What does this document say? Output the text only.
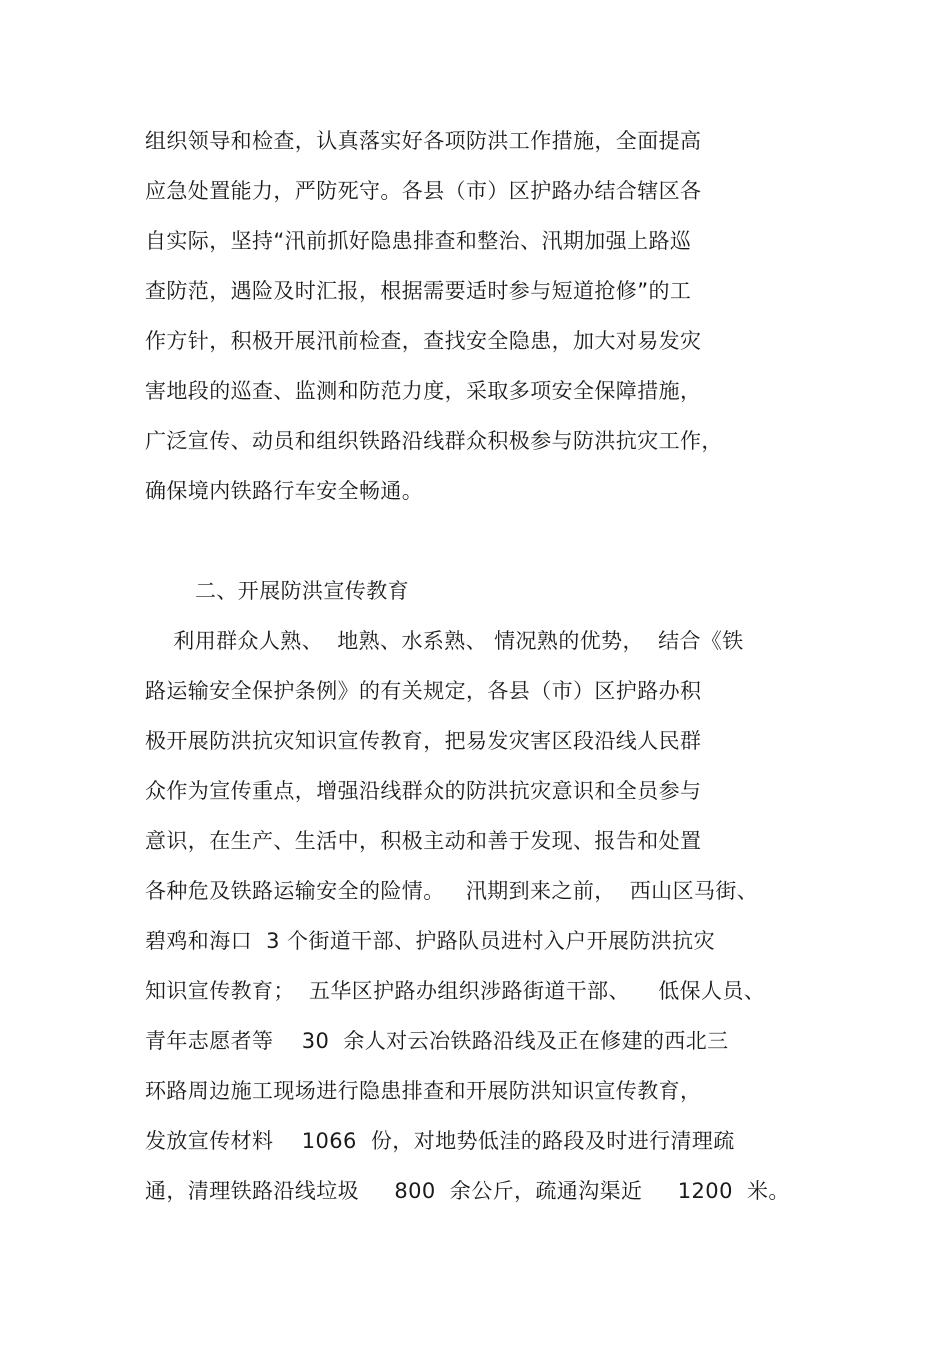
组织领导和检查，认真落实好各项防洪工作措施，全面提高
应急处置能力，严防死守。各县（市）区护路办结合辖区各
自实际，坚持“汛前抓好隐患排查和整治、汛期加强上路巡
查防范，遇险及时汇报，根据需要适时参与短道抢修”的工
作方针，积极开展汛前检查，查找安全隐患，加大对易发灾
害地段的巡查、监测和防范力度，采取多项安全保障措施，
广泛宣传、动员和组织铁路沿线群众积极参与防洪抗灾工作，
确保境内铁路行车安全畅通。
二、开展防洪宣传教育
利用群众人熟、  地熟、水系熟、 情况熟的优势，  结合《铁
路运输安全保护条例》的有关规定，各县（市）区护路办积
极开展防洪抗灾知识宣传教育，把易发灾害区段沿线人民群
众作为宣传重点，增强沿线群众的防洪抗灾意识和全员参与
意识，在生产、生活中，积极主动和善于发现、报告和处置
各种危及铁路运输安全的险情。   汛期到来之前，  西山区马街、
碧鸡和海口  3 个街道干部、护路队员进村入户开展防洪抗灾
知识宣传教育；  五华区护路办组织涉路街道干部、    低保人员、
青年志愿者等    30  余人对云冶铁路沿线及正在修建的西北三
环路周边施工现场进行隐患排查和开展防洪知识宣传教育，
发放宣传材料    1066  份，对地势低洼的路段及时进行清理疏
通，清理铁路沿线垃圾     800  余公斤，疏通沟渠近     1200  米。
